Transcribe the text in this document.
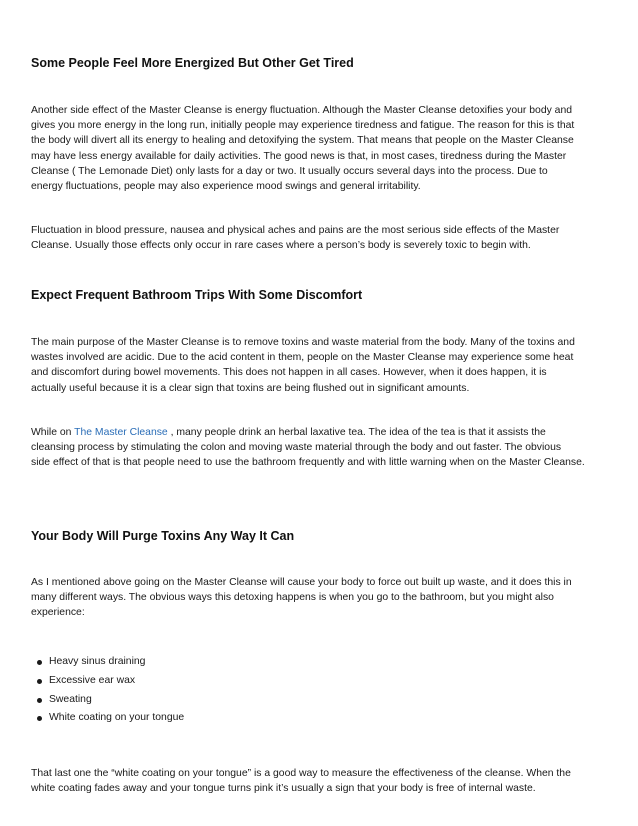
Some People Feel More Energized But Other Get Tired

Another side effect of the Master Cleanse is energy fluctuation. Although the Master Cleanse detoxifies your body and
gives you more energy in the long run, initially people may experience tiredness and fatigue. The reason for this is that
the body will divert all its energy to healing and detoxifying the system. That means that people on the Master Cleanse
may have less energy available for daily activities. The good news is that, in most cases, tiredness during the Master
Cleanse ( The Lemonade Diet) only lasts for a day or two. It usually occurs several days into the process. Due to
energy fluctuations, people may also experience mood swings and general irritability.

Fluctuation in blood pressure, nausea and physical aches and pains are the most serious side effects of the Master
Cleanse. Usually those effects only occur in rare cases where a person’s body is severely toxic to begin with.

Expect Frequent Bathroom Trips With Some Discomfort

The main purpose of the Master Cleanse is to remove toxins and waste material from the body. Many of the toxins and
wastes involved are acidic. Due to the acid content in them, people on the Master Cleanse may experience some heat
and discomfort during bowel movements. This does not happen in all cases. However, when it does happen, it is
actually useful because it is a clear sign that toxins are being flushed out in significant amounts.

While on The Master Cleanse , many people drink an herbal laxative tea. The idea of the tea is that it assists the
cleansing process by stimulating the colon and moving waste material through the body and out faster. The obvious
side effect of that is that people need to use the bathroom frequently and with little warning when on the Master Cleanse.

Your Body Will Purge Toxins Any Way It Can

As I mentioned above going on the Master Cleanse will cause your body to force out built up waste, and it does this in
many different ways. The obvious ways this detoxing happens is when you go to the bathroom, but you might also
experience:

Heavy sinus draining
Excessive ear wax
Sweating
White coating on your tongue

That last one the “white coating on your tongue” is a good way to measure the effectiveness of the cleanse. When the
white coating fades away and your tongue turns pink it’s usually a sign that your body is free of internal waste.
